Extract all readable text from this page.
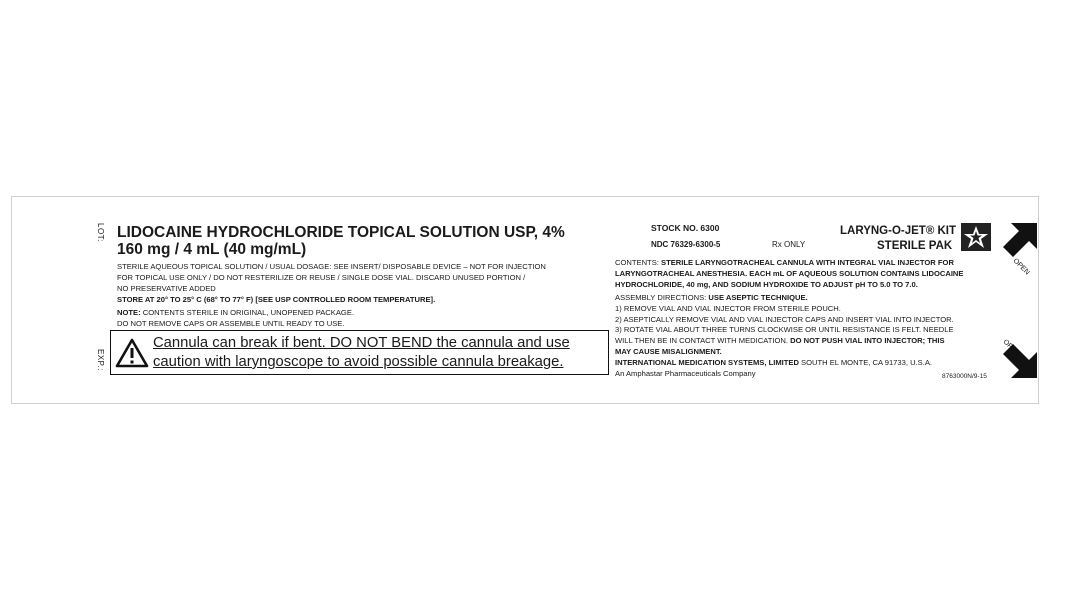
LOT:
EXP.:
LIDOCAINE HYDROCHLORIDE TOPICAL SOLUTION USP, 4%
160 mg / 4 mL (40 mg/mL)
STERILE AQUEOUS TOPICAL SOLUTION / USUAL DOSAGE: SEE INSERT/ DISPOSABLE DEVICE – NOT FOR INJECTION
FOR TOPICAL USE ONLY / DO NOT RESTERILIZE OR REUSE / SINGLE DOSE VIAL. DISCARD UNUSED PORTION /
NO PRESERVATIVE ADDED
STORE AT 20° TO 25° C (68° TO 77° F) [SEE USP CONTROLLED ROOM TEMPERATURE].
NOTE: CONTENTS STERILE IN ORIGINAL, UNOPENED PACKAGE.
DO NOT REMOVE CAPS OR ASSEMBLE UNTIL READY TO USE.
Cannula can break if bent. DO NOT BEND the cannula and use
caution with laryngoscope to avoid possible cannula breakage.
STOCK NO. 6300
NDC 76329-6300-5	Rx ONLY
LARYNG-O-JET® KIT
STERILE PAK
OPEN
OPEN
CONTENTS: STERILE LARYNGOTRACHEAL CANNULA WITH INTEGRAL VIAL INJECTOR FOR
LARYNGOTRACHEAL ANESTHESIA. EACH mL OF AQUEOUS SOLUTION CONTAINS LIDOCAINE
HYDROCHLORIDE, 40 mg, AND SODIUM HYDROXIDE TO ADJUST pH TO 5.0 TO 7.0.
ASSEMBLY DIRECTIONS: USE ASEPTIC TECHNIQUE.
1) REMOVE VIAL AND VIAL INJECTOR FROM STERILE POUCH.
2) ASEPTICALLY REMOVE VIAL AND VIAL INJECTOR CAPS AND INSERT VIAL INTO INJECTOR.
3) ROTATE VIAL ABOUT THREE TURNS CLOCKWISE OR UNTIL RESISTANCE IS FELT. NEEDLE
WILL THEN BE IN CONTACT WITH MEDICATION. DO NOT PUSH VIAL INTO INJECTOR; THIS
MAY CAUSE MISALIGNMENT.
INTERNATIONAL MEDICATION SYSTEMS, LIMITED SOUTH EL MONTE, CA 91733, U.S.A.
An Amphastar Pharmaceuticals Company	8763000N/9-15
